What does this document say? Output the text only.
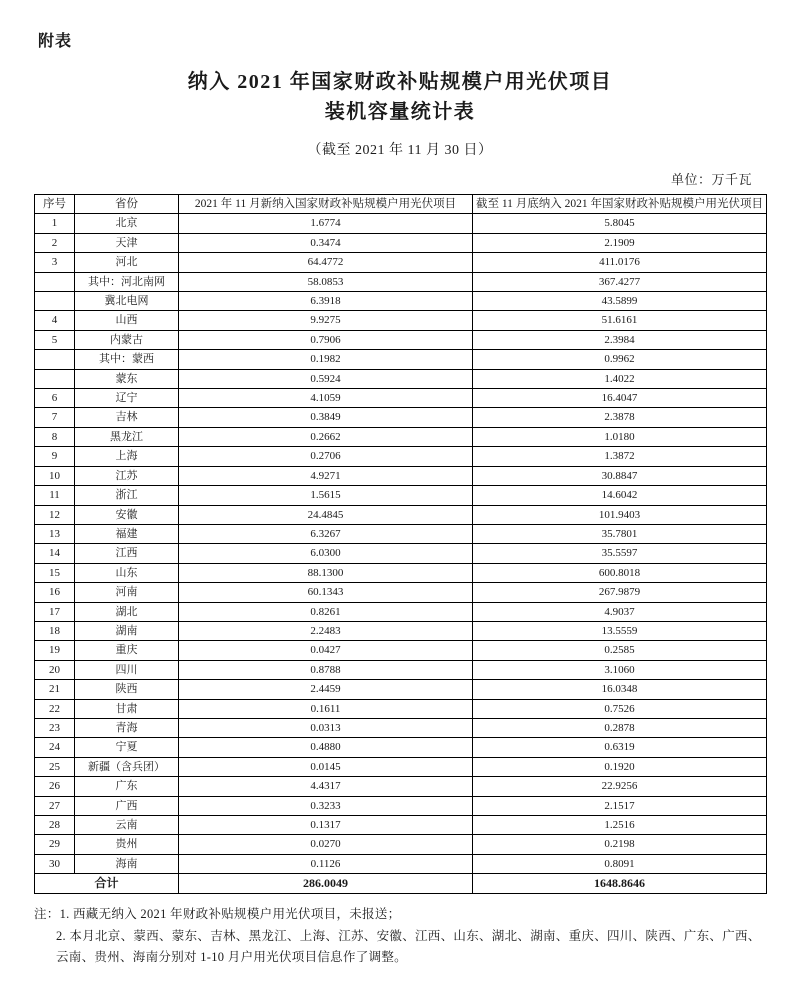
附表
纳入 2021 年国家财政补贴规模户用光伏项目
装机容量统计表
（截至 2021 年 11 月 30 日）
单位：万千瓦
序号	省份	2021 年 11 月新纳入国家财政补贴规模户用光伏项目	截至 11 月底纳入 2021 年国家财政补贴规模户用光伏项目
1	北京	1.6774	5.8045
2	天津	0.3474	2.1909
3	河北	64.4772	411.0176
	其中：河北南网	58.0853	367.4277
	冀北电网	6.3918	43.5899
4	山西	9.9275	51.6161
5	内蒙古	0.7906	2.3984
	其中：蒙西	0.1982	0.9962
	蒙东	0.5924	1.4022
6	辽宁	4.1059	16.4047
7	吉林	0.3849	2.3878
8	黑龙江	0.2662	1.0180
9	上海	0.2706	1.3872
10	江苏	4.9271	30.8847
11	浙江	1.5615	14.6042
12	安徽	24.4845	101.9403
13	福建	6.3267	35.7801
14	江西	6.0300	35.5597
15	山东	88.1300	600.8018
16	河南	60.1343	267.9879
17	湖北	0.8261	4.9037
18	湖南	2.2483	13.5559
19	重庆	0.0427	0.2585
20	四川	0.8788	3.1060
21	陕西	2.4459	16.0348
22	甘肃	0.1611	0.7526
23	青海	0.0313	0.2878
24	宁夏	0.4880	0.6319
25	新疆（含兵团）	0.0145	0.1920
26	广东	4.4317	22.9256
27	广西	0.3233	2.1517
28	云南	0.1317	1.2516
29	贵州	0.0270	0.2198
30	海南	0.1126	0.8091
合计		286.0049	1648.8646
注：1. 西藏无纳入 2021 年财政补贴规模户用光伏项目，未报送；
2. 本月北京、蒙西、蒙东、吉林、黑龙江、上海、江苏、安徽、江西、山东、湖北、湖南、重庆、四川、陕西、广东、广西、
云南、贵州、海南分别对 1-10 月户用光伏项目信息作了调整。
